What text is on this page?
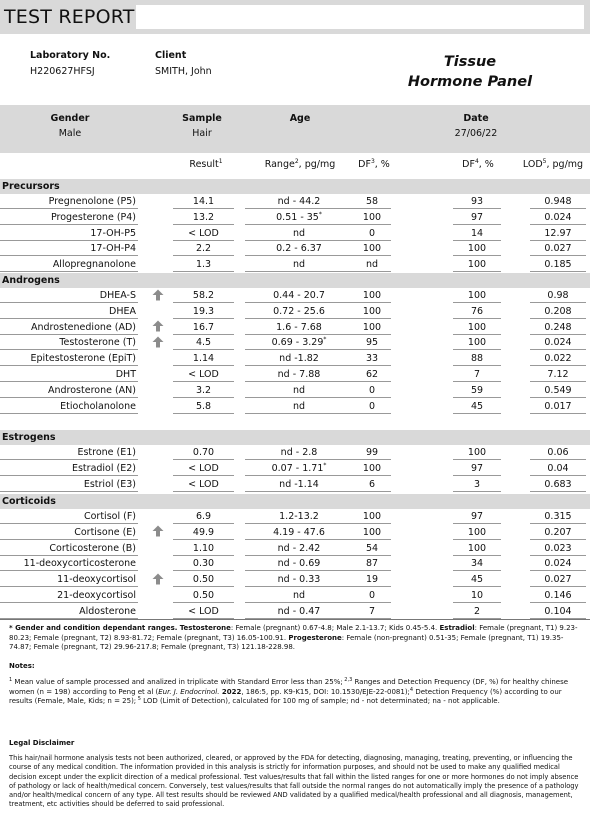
TEST REPORT
Laboratory No.
H220627HFSJ
Client
SMITH, John
Tissue
Hormone Panel
Gender
Male
Sample
Hair
Age	Date
27/06/22
Result$^1$	Range$^2$, pg/mg	$DF^3$, %	$DF^4$, %	LOD$^5$, pg/mg
Precursors
Pregnenolone (P5)	14.1	nd - 44.2	58	93	0.948
Progesterone (P4)	13.2	0.51 - 35*	100	97	0.024
17-OH-P5	< LOD	nd	0	14	12.97
17-OH-P4	2.2	0.2 - 6.37	100	100	0.027
Allopregnanolone	1.3	nd	nd	100	0.185
Androgens
DHEA-S	58.2	0.44 - 20.7	100	100	0.98
DHEA	19.3	0.72 - 25.6	100	76	0.208
Androstenedione (AD)	16.7	1.6 - 7.68	100	100	0.248
Testosterone (T)	4.5	0.69 - 3.29*	95	100	0.024
Epitestosterone (EpiT)	1.14	nd -1.82	33	88	0.022
DHT	< LOD	nd - 7.88	62	7	7.12
Androsterone (AN)	3.2	nd	0	59	0.549
Etiocholanolone	5.8	nd	0	45	0.017
Estrogens
Estrone (E1)	0.70	nd - 2.8	99	100	0.06
Estradiol (E2)	< LOD	0.07 - 1.71*	100	97	0.04
Estriol (E3)	< LOD	nd -1.14	6	3	0.683
Corticoids
Cortisol (F)	6.9	1.2-13.2	100	97	0.315
Cortisone (E)	49.9	4.19 - 47.6	100	100	0.207
Corticosterone (B)	1.10	nd - 2.42	54	100	0.023
11-deoxycorticosterone	0.30	nd - 0.69	87	34	0.024
11-deoxycortisol	0.50	nd - 0.33	19	45	0.027
21-deoxycortisol	0.50	nd	0	10	0.146
Aldosterone	< LOD	nd - 0.47	7	2	0.104
* Gender and condition dependant ranges. Testosterone: Female (pregnant) 0.67-4.8; Male 2.1-13.7; Kids 0.45-5.4. Estradiol: Female (pregnant, T1) 9.23-80.23; Female (pregnant, T2) 8.93-81.72; Female (pregnant, T3) 16.05-100.91. Progesterone: Female (non-pregnant) 0.51-35; Female (pregnant, T1) 19.35-74.87; Female (pregnant, T2) 29.96-217.8; Female (pregnant, T3) 121.18-228.98.
Notes:
$^1$ Mean value of sample processed and analized in triplicate with Standard Error less than 25%; $^{2,3}$ Ranges and Detection Frequency (DF, %) for healthy chinese women (n = 198) according to Peng et al (Eur. J. Endocrinol. 2022, 186:5, pp. K9-K15, DOI: 10.1530/EJE-22-0081);$^4$ Detection Frequency (%) according to our results (Female, Male, Kids; n = 25); $^5$ LOD (Limit of Detection), calculated for 100 mg of sample; nd - not determinated; na - not applicable.
Legal Disclaimer
This hair/nail hormone analysis tests not been authorized, cleared, or approved by the FDA for detecting, diagnosing, managing, treating, preventing, or influencing the course of any medical condition. The information provided in this analysis is strictly for information purposes, and should not be used to make any qualified medical decision except under the explicit direction of a medical professional. Test values/results that fall within the listed ranges for one or more hormones do not imply absence of pathology or lack of health/medical concern. Conversely, test values/results that fall outside the normal ranges do not automatically imply the presence of a pathology and/or health/medical concern of any type. All test results should be reviewed AND validated by a qualified medical/health professional and all diagnosis, management, treatment, etc activities should be deferred to said professional.
